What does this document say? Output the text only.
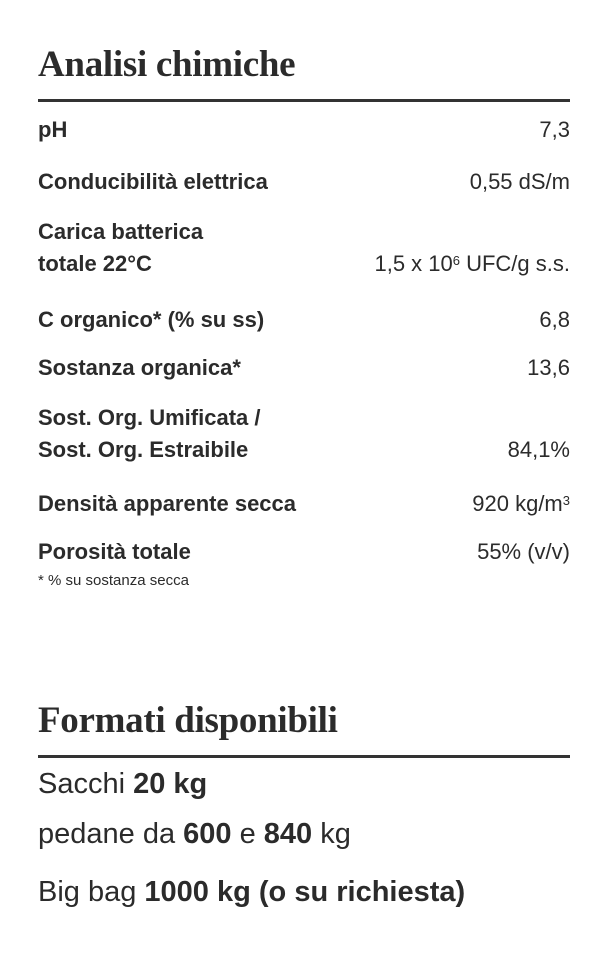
Analisi chimiche
pH	7,3
Conducibilità elettrica	0,55 dS/m
Carica batterica
totale 22°C	1,5 x $10^6$ UFC/g s.s.
C organico* (% su ss)	6,8
Sostanza organica*	13,6
Sost. Org. Umificata /
Sost. Org. Estraibile	84,1%
Densità apparente secca	920 $kg/m^3$
Porosità totale	55% (v/v)
* % su sostanza secca
Formati disponibili
Sacchi 20 kg
pedane da 600 e 840 kg
Big bag 1000 kg (o su richiesta)
